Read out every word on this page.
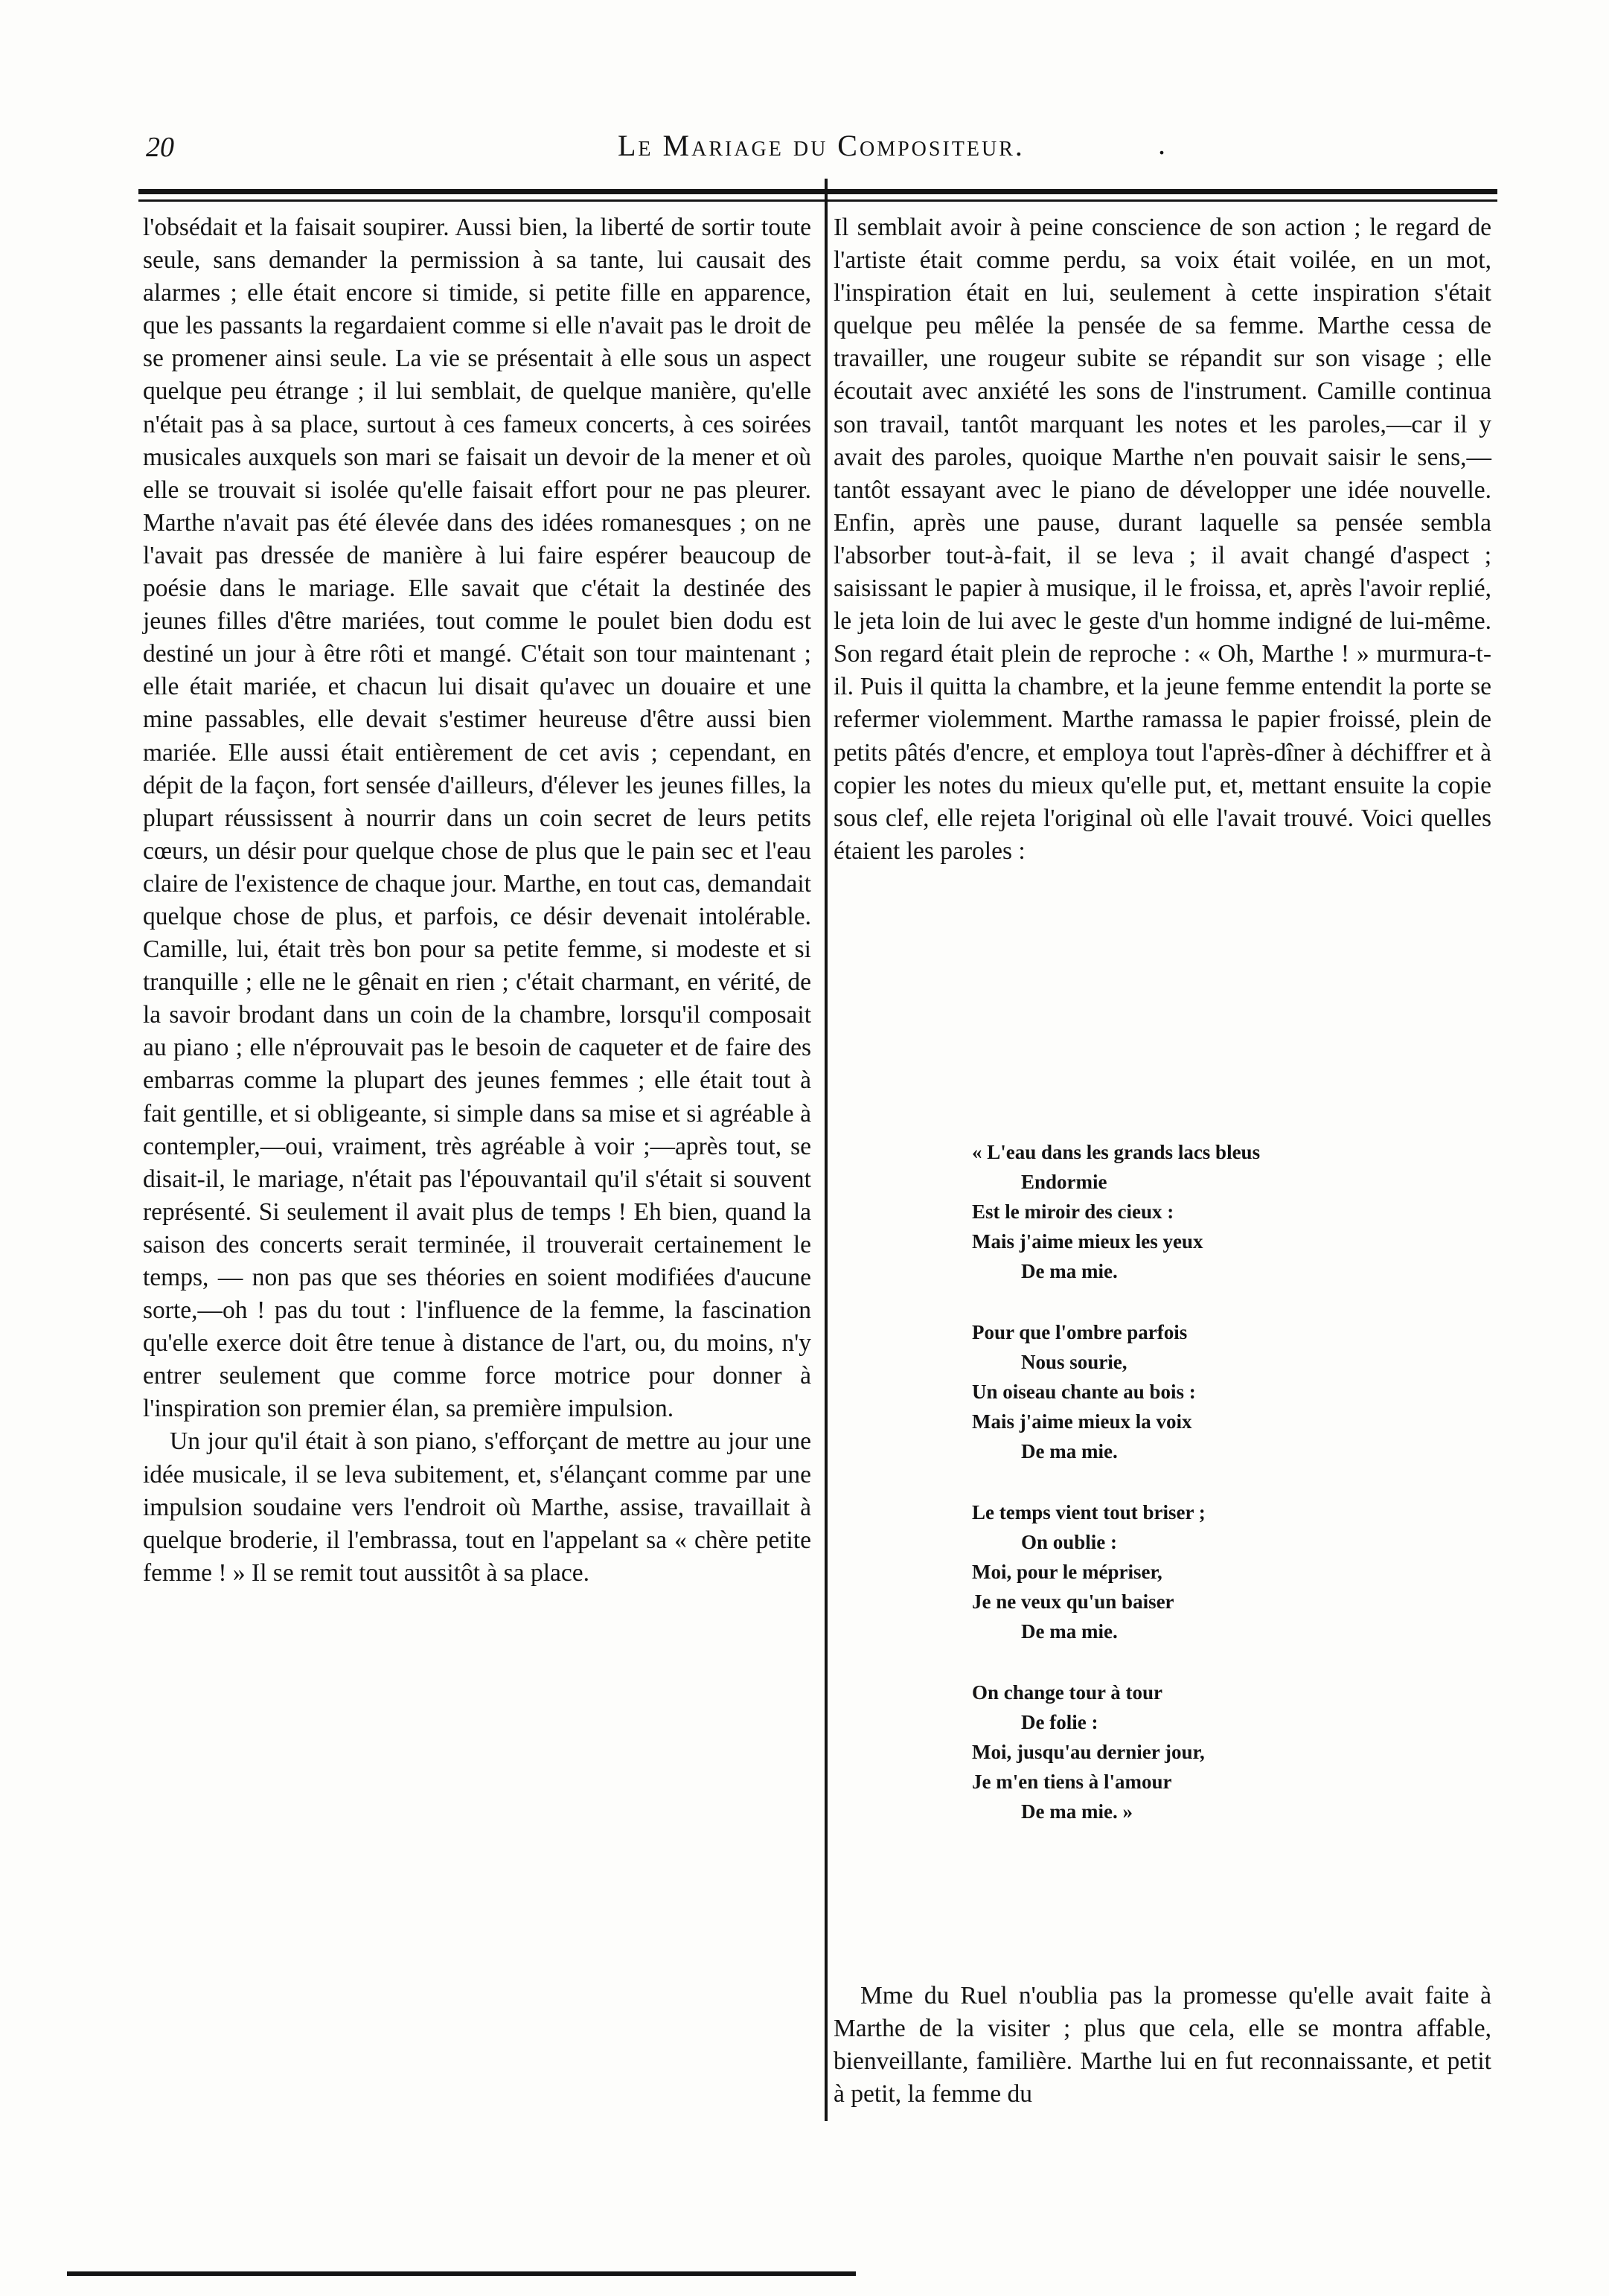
20	Le Mariage du Compositeur.	.

l'obsédait et la faisait soupirer. Aussi bien, la liberté de sortir toute seule, sans demander la permission à sa tante, lui causait des alarmes ; elle était encore si timide, si petite fille en apparence, que les passants la regardaient comme si elle n'avait pas le droit de se promener ainsi seule. La vie se présentait à elle sous un aspect quelque peu étrange ; il lui semblait, de quelque manière, qu'elle n'était pas à sa place, surtout à ces fameux concerts, à ces soirées musicales auxquels son mari se faisait un devoir de la mener et où elle se trouvait si isolée qu'elle faisait effort pour ne pas pleurer. Marthe n'avait pas été élevée dans des idées romanesques ; on ne l'avait pas dressée de manière à lui faire espérer beaucoup de poésie dans le mariage. Elle savait que c'était la destinée des jeunes filles d'être mariées, tout comme le poulet bien dodu est destiné un jour à être rôti et mangé. C'était son tour maintenant ; elle était mariée, et chacun lui disait qu'avec un douaire et une mine passables, elle devait s'estimer heureuse d'être aussi bien mariée. Elle aussi était entièrement de cet avis ; cependant, en dépit de la façon, fort sensée d'ailleurs, d'élever les jeunes filles, la plupart réussissent à nourrir dans un coin secret de leurs petits cœurs, un désir pour quelque chose de plus que le pain sec et l'eau claire de l'existence de chaque jour. Marthe, en tout cas, demandait quelque chose de plus, et parfois, ce désir devenait intolérable. Camille, lui, était très bon pour sa petite femme, si modeste et si tranquille ; elle ne le gênait en rien ; c'était charmant, en vérité, de la savoir brodant dans un coin de la chambre, lorsqu'il composait au piano ; elle n'éprouvait pas le besoin de caqueter et de faire des embarras comme la plupart des jeunes femmes ; elle était tout à fait gentille, et si obligeante, si simple dans sa mise et si agréable à contempler,—oui, vraiment, très agréable à voir ;—après tout, se disait-il, le mariage, n'était pas l'épouvantail qu'il s'était si souvent représenté. Si seulement il avait plus de temps ! Eh bien, quand la saison des concerts serait terminée, il trouverait certainement le temps, — non pas que ses théories en soient modifiées d'aucune sorte,—oh ! pas du tout : l'influence de la femme, la fascination qu'elle exerce doit être tenue à distance de l'art, ou, du moins, n'y entrer seulement que comme force motrice pour donner à l'inspiration son premier élan, sa première impulsion.

Un jour qu'il était à son piano, s'efforçant de mettre au jour une idée musicale, il se leva subitement, et, s'élançant comme par une impulsion soudaine vers l'endroit où Marthe, assise, travaillait à quelque broderie, il l'embrassa, tout en l'appelant sa « chère petite femme ! » Il se remit tout aussitôt à sa place.

Il semblait avoir à peine conscience de son action ; le regard de l'artiste était comme perdu, sa voix était voilée, en un mot, l'inspiration était en lui, seulement à cette inspiration s'était quelque peu mêlée la pensée de sa femme. Marthe cessa de travailler, une rougeur subite se répandit sur son visage ; elle écoutait avec anxiété les sons de l'instrument. Camille continua son travail, tantôt marquant les notes et les paroles,—car il y avait des paroles, quoique Marthe n'en pouvait saisir le sens,—tantôt essayant avec le piano de développer une idée nouvelle. Enfin, après une pause, durant laquelle sa pensée sembla l'absorber tout-à-fait, il se leva ; il avait changé d'aspect ; saisissant le papier à musique, il le froissa, et, après l'avoir replié, le jeta loin de lui avec le geste d'un homme indigné de lui-même. Son regard était plein de reproche : « Oh, Marthe ! » murmura-t-il. Puis il quitta la chambre, et la jeune femme entendit la porte se refermer violemment. Marthe ramassa le papier froissé, plein de petits pâtés d'encre, et employa tout l'après-dîner à déchiffrer et à copier les notes du mieux qu'elle put, et, mettant ensuite la copie sous clef, elle rejeta l'original où elle l'avait trouvé. Voici quelles étaient les paroles :

« L'eau dans les grands lacs bleus
Endormie
Est le miroir des cieux :
Mais j'aime mieux les yeux
De ma mie.
Pour que l'ombre parfois
Nous sourie,
Un oiseau chante au bois :
Mais j'aime mieux la voix
De ma mie.
Le temps vient tout briser ;
On oublie :
Moi, pour le mépriser,
Je ne veux qu'un baiser
De ma mie.
On change tour à tour
De folie :
Moi, jusqu'au dernier jour,
Je m'en tiens à l'amour
De ma mie. »

Mme du Ruel n'oublia pas la promesse qu'elle avait faite à Marthe de la visiter ; plus que cela, elle se montra affable, bienveillante, familière. Marthe lui en fut reconnaissante, et petit à petit, la femme du
